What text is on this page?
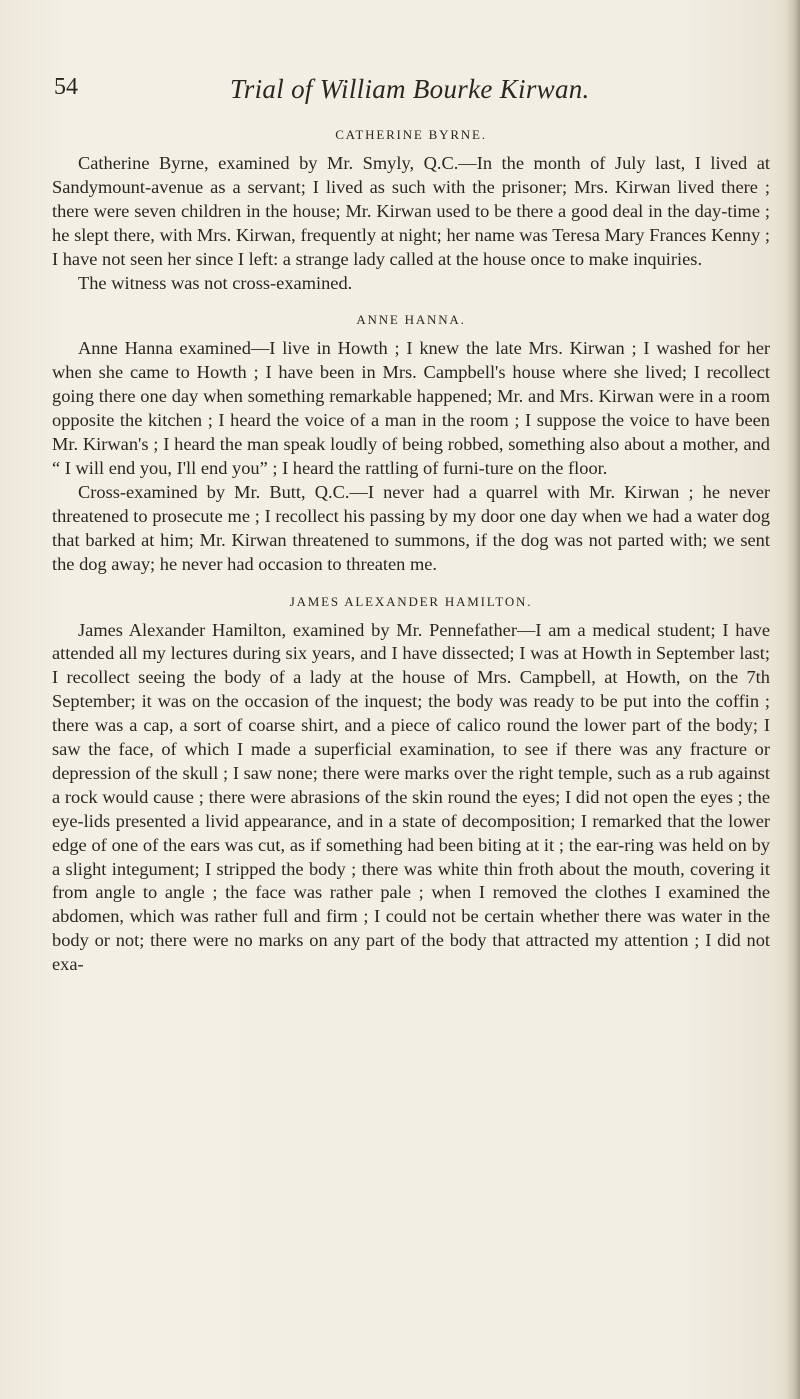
54	Trial of William Bourke Kirwan.
CATHERINE BYRNE.

Catherine Byrne, examined by Mr. Smyly, Q.C.—In the month of July last, I lived at Sandymount-avenue as a servant; I lived as such with the prisoner; Mrs. Kirwan lived there ; there were seven children in the house; Mr. Kirwan used to be there a good deal in the day-time ; he slept there, with Mrs. Kirwan, frequently at night; her name was Teresa Mary Frances Kenny ; I have not seen her since I left: a strange lady called at the house once to make inquiries.

The witness was not cross-examined.

ANNE HANNA.

Anne Hanna examined—I live in Howth ; I knew the late Mrs. Kirwan ; I washed for her when she came to Howth ; I have been in Mrs. Campbell's house where she lived; I recollect going there one day when something remarkable happened; Mr. and Mrs. Kirwan were in a room opposite the kitchen ; I heard the voice of a man in the room ; I suppose the voice to have been Mr. Kirwan's ; I heard the man speak loudly of being robbed, something also about a mother, and “ I will end you, I'll end you” ; I heard the rattling of furni-ture on the floor.

Cross-examined by Mr. Butt, Q.C.—I never had a quarrel with Mr. Kirwan ; he never threatened to prosecute me ; I recollect his passing by my door one day when we had a water dog that barked at him; Mr. Kirwan threatened to summons, if the dog was not parted with; we sent the dog away; he never had occasion to threaten me.

JAMES ALEXANDER HAMILTON.

James Alexander Hamilton, examined by Mr. Pennefather—I am a medical student; I have attended all my lectures during six years, and I have dissected; I was at Howth in September last; I recollect seeing the body of a lady at the house of Mrs. Campbell, at Howth, on the 7th September; it was on the occasion of the inquest; the body was ready to be put into the coffin ; there was a cap, a sort of coarse shirt, and a piece of calico round the lower part of the body; I saw the face, of which I made a superficial examination, to see if there was any fracture or depression of the skull ; I saw none; there were marks over the right temple, such as a rub against a rock would cause ; there were abrasions of the skin round the eyes; I did not open the eyes ; the eye-lids presented a livid appearance, and in a state of decomposition; I remarked that the lower edge of one of the ears was cut, as if something had been biting at it ; the ear-ring was held on by a slight integument; I stripped the body ; there was white thin froth about the mouth, covering it from angle to angle ; the face was rather pale ; when I removed the clothes I examined the abdomen, which was rather full and firm ; I could not be certain whether there was water in the body or not; there were no marks on any part of the body that attracted my attention ; I did not exa-
